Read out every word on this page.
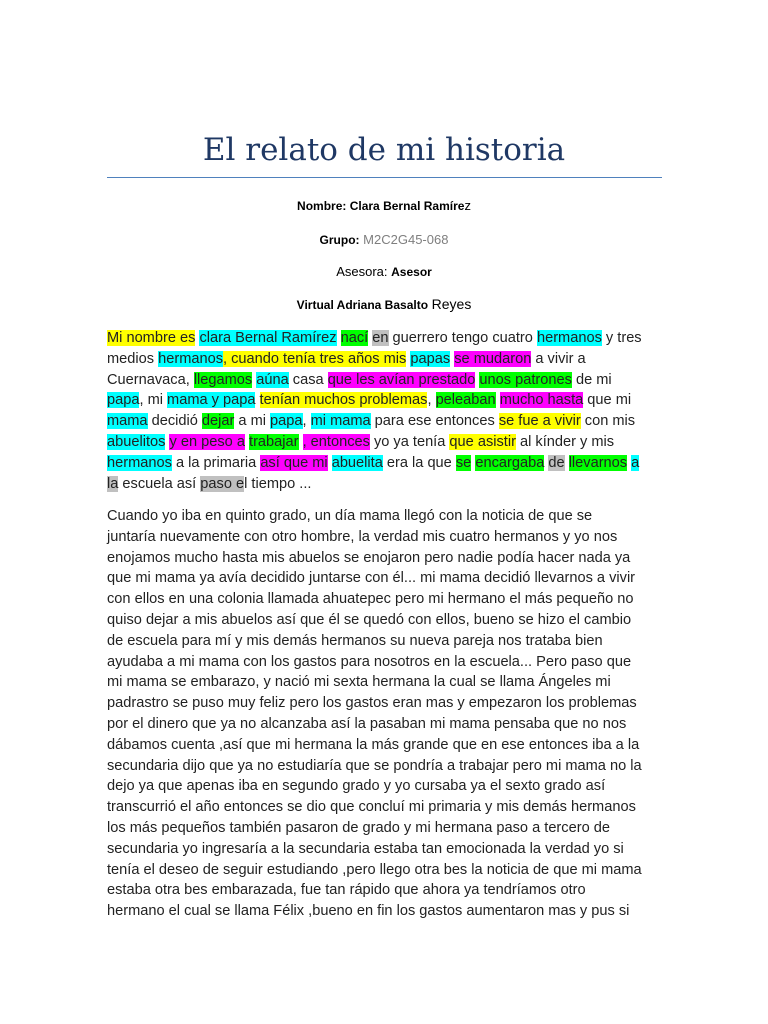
El relato de mi historia
Nombre: Clara Bernal Ramírez
Grupo: M2C2G45-068
Asesora: Asesor
Virtual Adriana Basalto Reyes

Mi nombre es clara Bernal Ramírez nací en guerrero tengo cuatro hermanos y tres
medios hermanos, cuando tenía tres años mis papas se mudaron a vivir a
Cuernavaca, llegamos aúna casa que les avían prestado unos patrones de mi
papa, mi mama y papa tenían muchos problemas, peleaban mucho hasta que mi
mama decidió dejar a mi papa, mi mama para ese entonces se fue a vivir con mis
abuelitos y en peso a trabajar , entonces yo ya tenía que asistir al kínder y mis
hermanos a la primaria así que mi abuelita era la que se encargaba de llevarnos a
la escuela así paso el tiempo ...

Cuando yo iba en quinto grado, un día mama llegó con la noticia de que se
juntaría nuevamente con otro hombre, la verdad mis cuatro hermanos y yo nos
enojamos mucho hasta mis abuelos se enojaron pero nadie podía hacer nada ya
que mi mama ya avía decidido juntarse con él... mi mama decidió llevarnos a vivir
con ellos en una colonia llamada ahuatepec pero mi hermano el más pequeño no
quiso dejar a mis abuelos así que él se quedó con ellos, bueno se hizo el cambio
de escuela para mí y mis demás hermanos su nueva pareja nos trataba bien
ayudaba a mi mama con los gastos para nosotros en la escuela... Pero paso que
mi mama se embarazo, y nació mi sexta hermana la cual se llama Ángeles mi
padrastro se puso muy feliz pero los gastos eran mas y empezaron los problemas
por el dinero que ya no alcanzaba así la pasaban mi mama pensaba que no nos
dábamos cuenta ,así que mi hermana la más grande que en ese entonces iba a la
secundaria dijo que ya no estudiaría que se pondría a trabajar pero mi mama no la
dejo ya que apenas iba en segundo grado y yo cursaba ya el sexto grado así
transcurrió el año entonces se dio que concluí mi primaria y mis demás hermanos
los más pequeños también pasaron de grado y mi hermana paso a tercero de
secundaria yo ingresaría a la secundaria estaba tan emocionada la verdad yo si
tenía el deseo de seguir estudiando ,pero llego otra bes la noticia de que mi mama
estaba otra bes embarazada, fue tan rápido que ahora ya tendríamos otro
hermano el cual se llama Félix ,bueno en fin los gastos aumentaron mas y pus si
